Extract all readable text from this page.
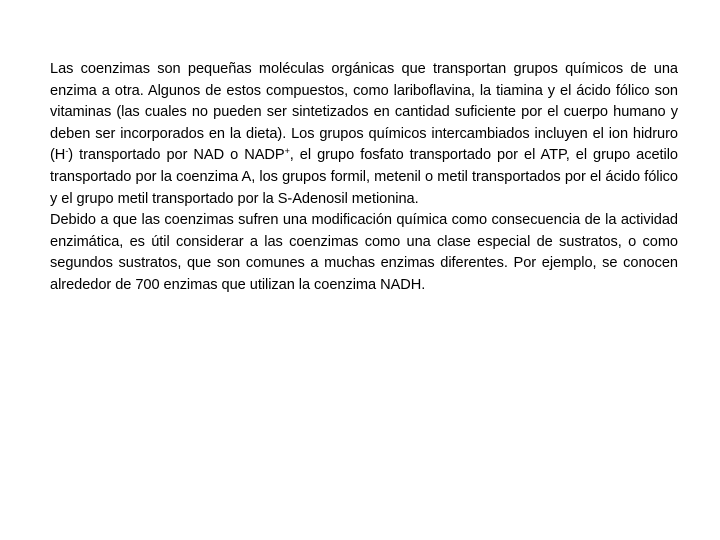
Las coenzimas son pequeñas moléculas orgánicas que transportan grupos químicos de una enzima a otra. Algunos de estos compuestos, como lariboflavina, la tiamina y el ácido fólico son vitaminas (las cuales no pueden ser sintetizados en cantidad suficiente por el cuerpo humano y deben ser incorporados en la dieta). Los grupos químicos intercambiados incluyen el ion hidruro (H-) transportado por NAD o NADP+, el grupo fosfato transportado por el ATP, el grupo acetilo transportado por la coenzima A, los grupos formil, metenil o metil transportados por el ácido fólico y el grupo metil transportado por la S-Adenosil metionina.

Debido a que las coenzimas sufren una modificación química como consecuencia de la actividad enzimática, es útil considerar a las coenzimas como una clase especial de sustratos, o como segundos sustratos, que son comunes a muchas enzimas diferentes. Por ejemplo, se conocen alrededor de 700 enzimas que utilizan la coenzima NADH.
